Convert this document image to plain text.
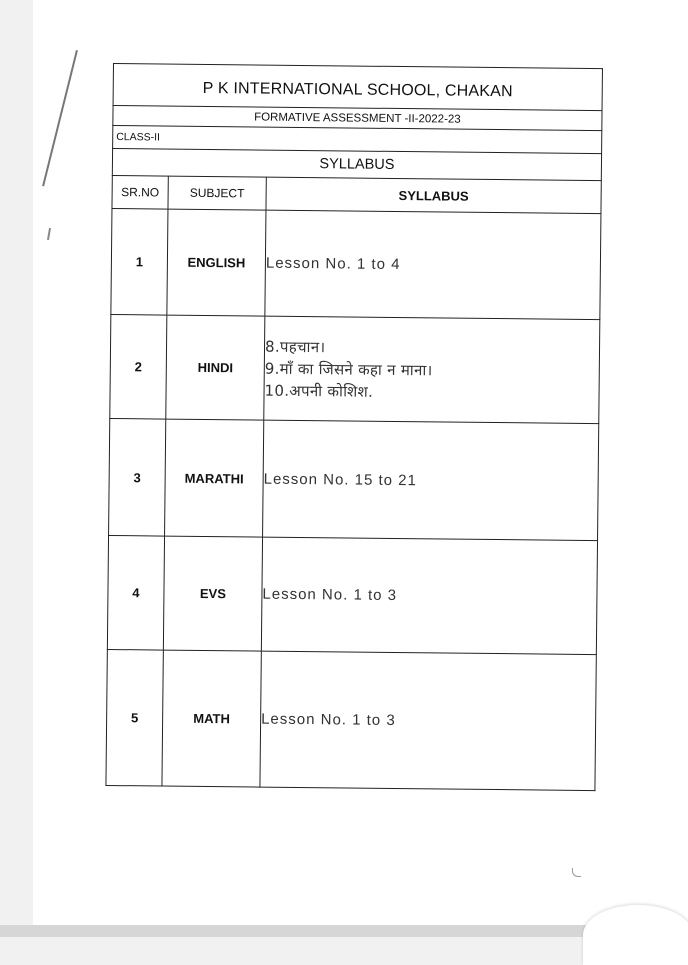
P K INTERNATIONAL SCHOOL, CHAKAN
FORMATIVE ASSESSMENT -II-2022-23
CLASS-II
SYLLABUS
SR.NO	SUBJECT	SYLLABUS
1	ENGLISH	Lesson No. 1 to 4
2	HINDI	8.पहचान।
9.माँ का जिसने कहा न माना।
10.अपनी कोशिश.

3	MARATHI	Lesson No. 15 to 21
4	EVS	Lesson No. 1 to 3
5	MATH	Lesson No. 1 to 3
